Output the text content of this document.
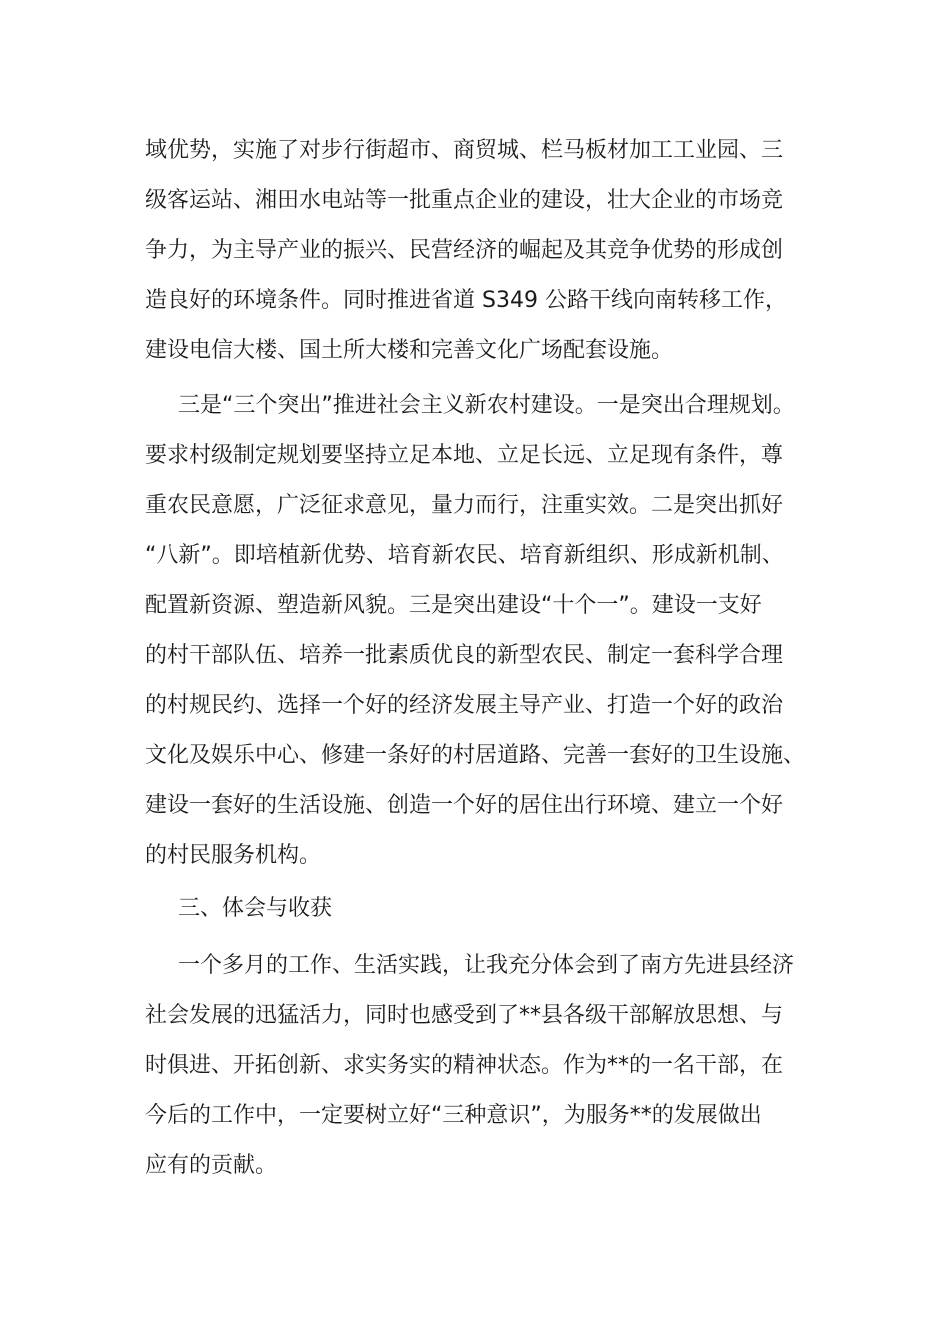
域优势，实施了对步行街超市、商贸城、栏马板材加工工业园、三
级客运站、湘田水电站等一批重点企业的建设，壮大企业的市场竞
争力，为主导产业的振兴、民营经济的崛起及其竞争优势的形成创
造良好的环境条件。同时推进省道 S349 公路干线向南转移工作，
建设电信大楼、国土所大楼和完善文化广场配套设施。
三是“三个突出”推进社会主义新农村建设。一是突出合理规划。
要求村级制定规划要坚持立足本地、立足长远、立足现有条件，尊
重农民意愿，广泛征求意见，量力而行，注重实效。二是突出抓好
“八新”。即培植新优势、培育新农民、培育新组织、形成新机制、
配置新资源、塑造新风貌。三是突出建设“十个一”。建设一支好
的村干部队伍、培养一批素质优良的新型农民、制定一套科学合理
的村规民约、选择一个好的经济发展主导产业、打造一个好的政治
文化及娱乐中心、修建一条好的村居道路、完善一套好的卫生设施、
建设一套好的生活设施、创造一个好的居住出行环境、建立一个好
的村民服务机构。
三、体会与收获
一个多月的工作、生活实践，让我充分体会到了南方先进县经济
社会发展的迅猛活力，同时也感受到了**县各级干部解放思想、与
时俱进、开拓创新、求实务实的精神状态。作为**的一名干部，在
今后的工作中，一定要树立好“三种意识”，为服务**的发展做出
应有的贡献。
